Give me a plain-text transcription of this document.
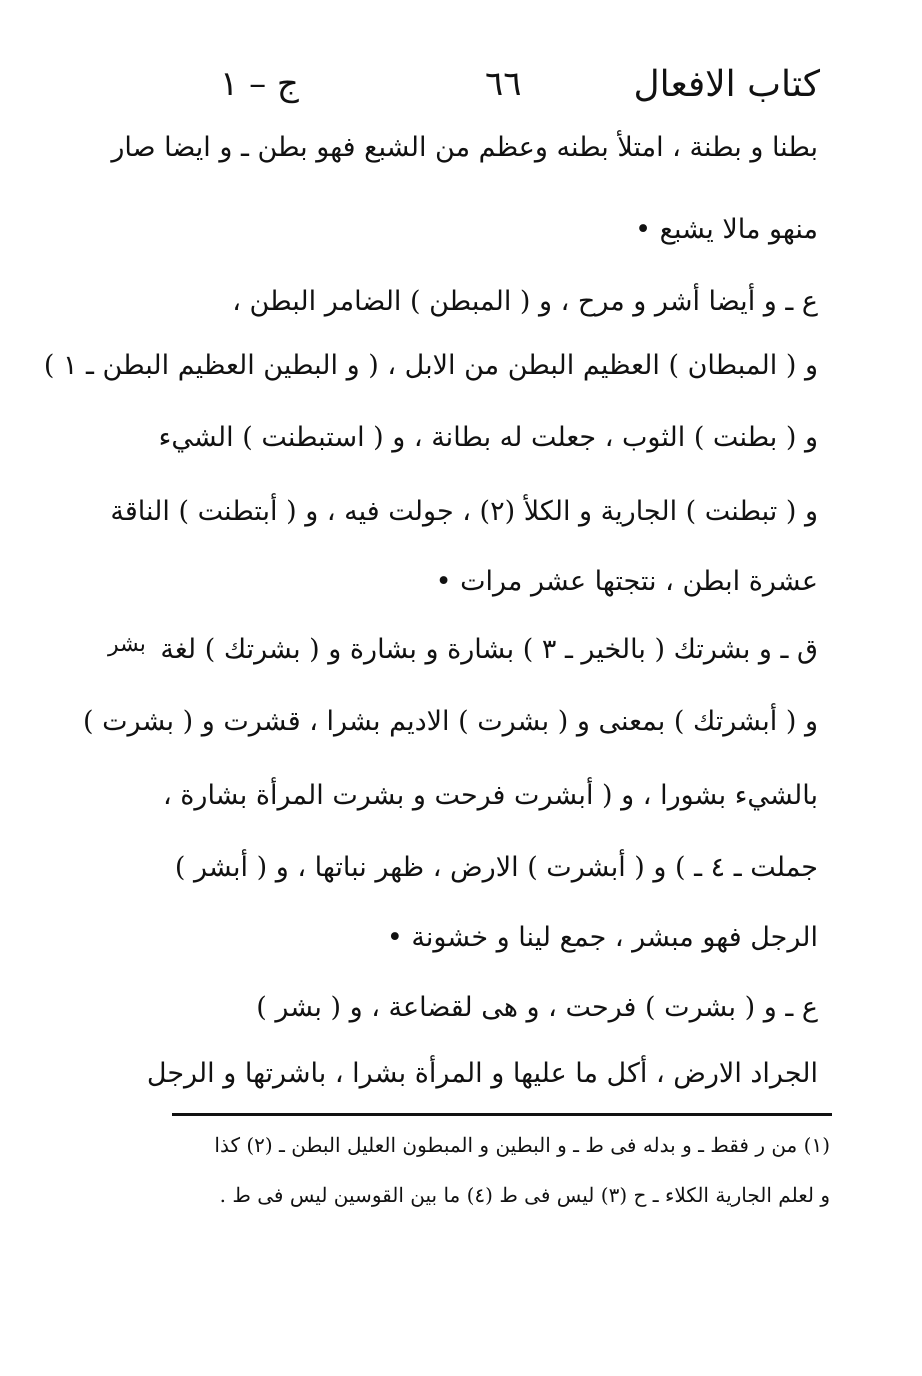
ج – ١	٦٦	كتاب الافعال
بطنا و بطنة ، امتلأ بطنه وعظم من الشبع فهو بطن ـ و ايضا صار
منهو مالا يشبع •
ع ـ و أيضا أشر و مرح ، و ( المبطن ) الضامر البطن ،
و ( المبطان ) العظيم البطن من الابل ، ( و البطين العظيم البطن ـ ١ )
و ( بطنت ) الثوب ، جعلت له بطانة ، و ( استبطنت ) الشيء
و ( تبطنت ) الجارية و الكلأ (٢) ، جولت فيه ، و ( أبتطنت ) الناقة
عشرة ابطن ، نتجتها عشر مرات •
ق ـ و بشرتك ( بالخير ـ ٣ ) بشارة و بشارة و ( بشرتك ) لغة
و ( أبشرتك ) بمعنى و ( بشرت ) الاديم بشرا ، قشرت و ( بشرت )
بالشيء بشورا ، و ( أبشرت فرحت و بشرت المرأة بشارة ،
جملت ـ ٤ ـ ) و ( أبشرت ) الارض ، ظهر نباتها ، و ( أبشر )
الرجل فهو مبشر ، جمع لينا و خشونة •
ع ـ و ( بشرت ) فرحت ، و هى لقضاعة ، و ( بشر )
الجراد الارض ، أكل ما عليها و المرأة بشرا ، باشرتها و الرجل
بشر
(١) من ر فقط ـ و بدله فى ط ـ و البطين و المبطون العليل البطن ـ (٢) كذا
و لعلم الجارية الكلاء ـ ح (٣) ليس فى ط (٤) ما بين القوسين ليس فى ط .
